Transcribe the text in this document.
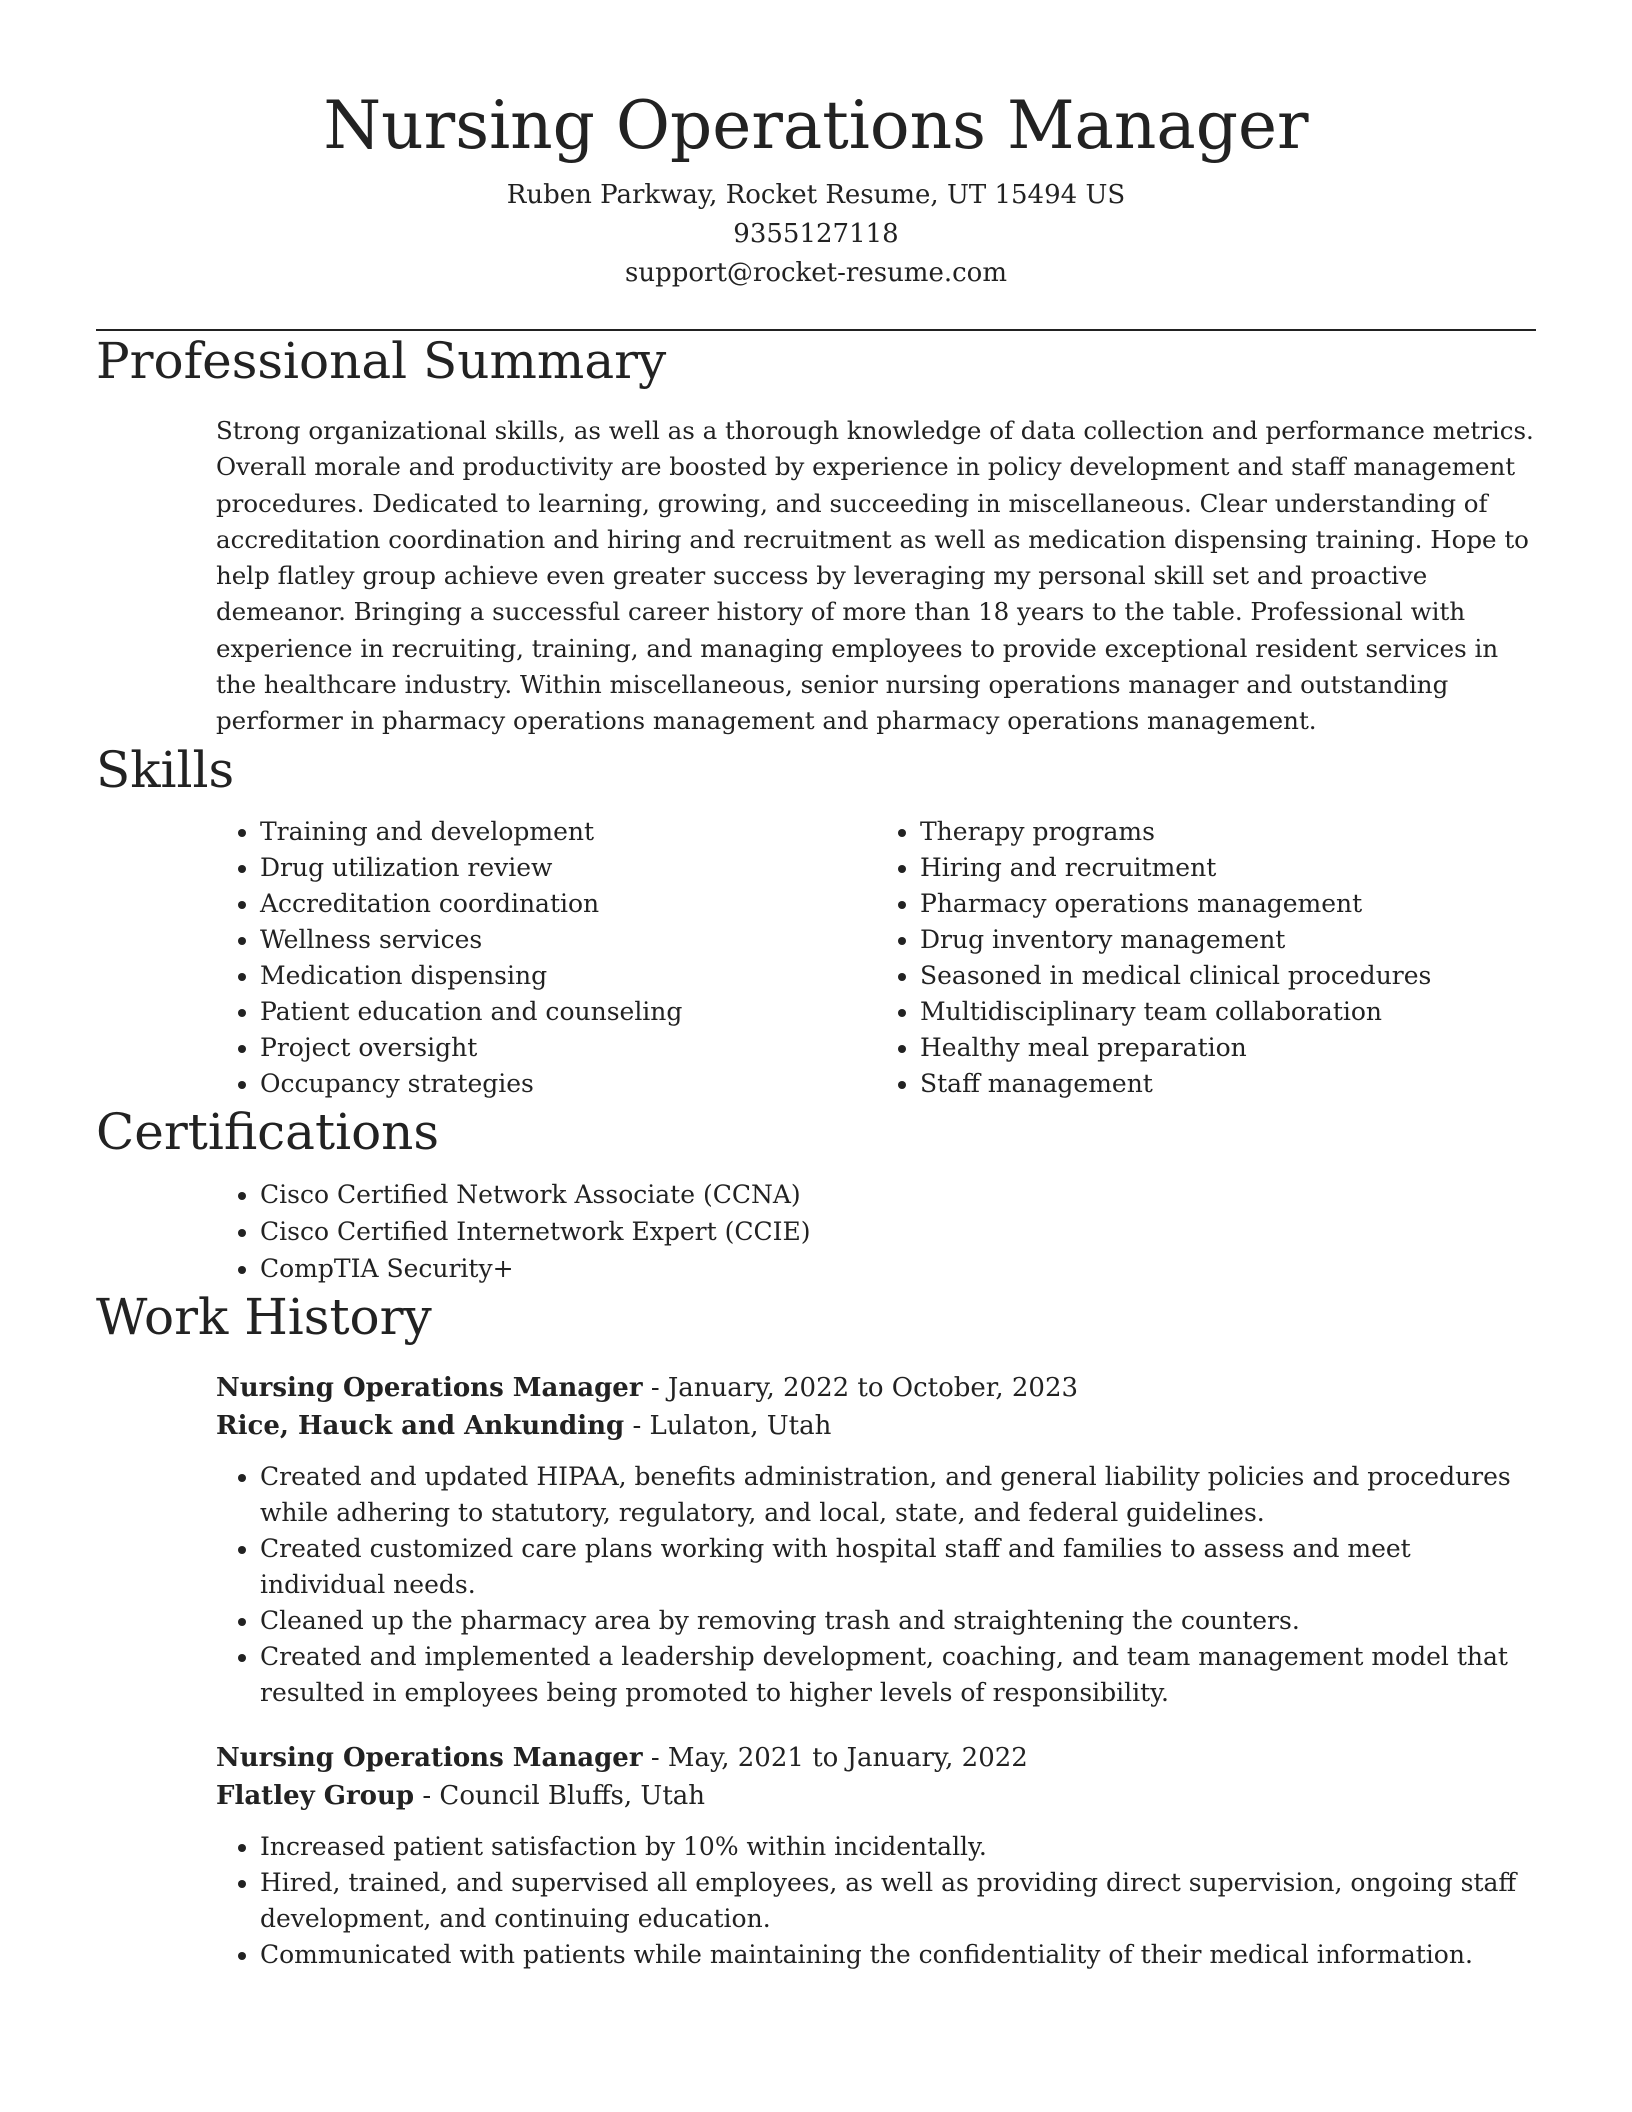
Nursing Operations Manager
Ruben Parkway, Rocket Resume, UT 15494 US
9355127118
support@rocket-resume.com
Professional Summary
Strong organizational skills, as well as a thorough knowledge of data collection and performance metrics. Overall morale and productivity are boosted by experience in policy development and staff management procedures. Dedicated to learning, growing, and succeeding in miscellaneous. Clear understanding of accreditation coordination and hiring and recruitment as well as medication dispensing training. Hope to help flatley group achieve even greater success by leveraging my personal skill set and proactive demeanor. Bringing a successful career history of more than 18 years to the table. Professional with experience in recruiting, training, and managing employees to provide exceptional resident services in the healthcare industry. Within miscellaneous, senior nursing operations manager and outstanding performer in pharmacy operations management and pharmacy operations management.
Skills
• Training and development
• Drug utilization review
• Accreditation coordination
• Wellness services
• Medication dispensing
• Patient education and counseling
• Project oversight
• Occupancy strategies
• Therapy programs
• Hiring and recruitment
• Pharmacy operations management
• Drug inventory management
• Seasoned in medical clinical procedures
• Multidisciplinary team collaboration
• Healthy meal preparation
• Staff management
Certifications
• Cisco Certified Network Associate (CCNA)
• Cisco Certified Internetwork Expert (CCIE)
• CompTIA Security+
Work History
Nursing Operations Manager - January, 2022 to October, 2023
Rice, Hauck and Ankunding - Lulaton, Utah
• Created and updated HIPAA, benefits administration, and general liability policies and procedures while adhering to statutory, regulatory, and local, state, and federal guidelines.
• Created customized care plans working with hospital staff and families to assess and meet individual needs.
• Cleaned up the pharmacy area by removing trash and straightening the counters.
• Created and implemented a leadership development, coaching, and team management model that resulted in employees being promoted to higher levels of responsibility.
Nursing Operations Manager - May, 2021 to January, 2022
Flatley Group - Council Bluffs, Utah
• Increased patient satisfaction by 10% within incidentally.
• Hired, trained, and supervised all employees, as well as providing direct supervision, ongoing staff development, and continuing education.
• Communicated with patients while maintaining the confidentiality of their medical information.
